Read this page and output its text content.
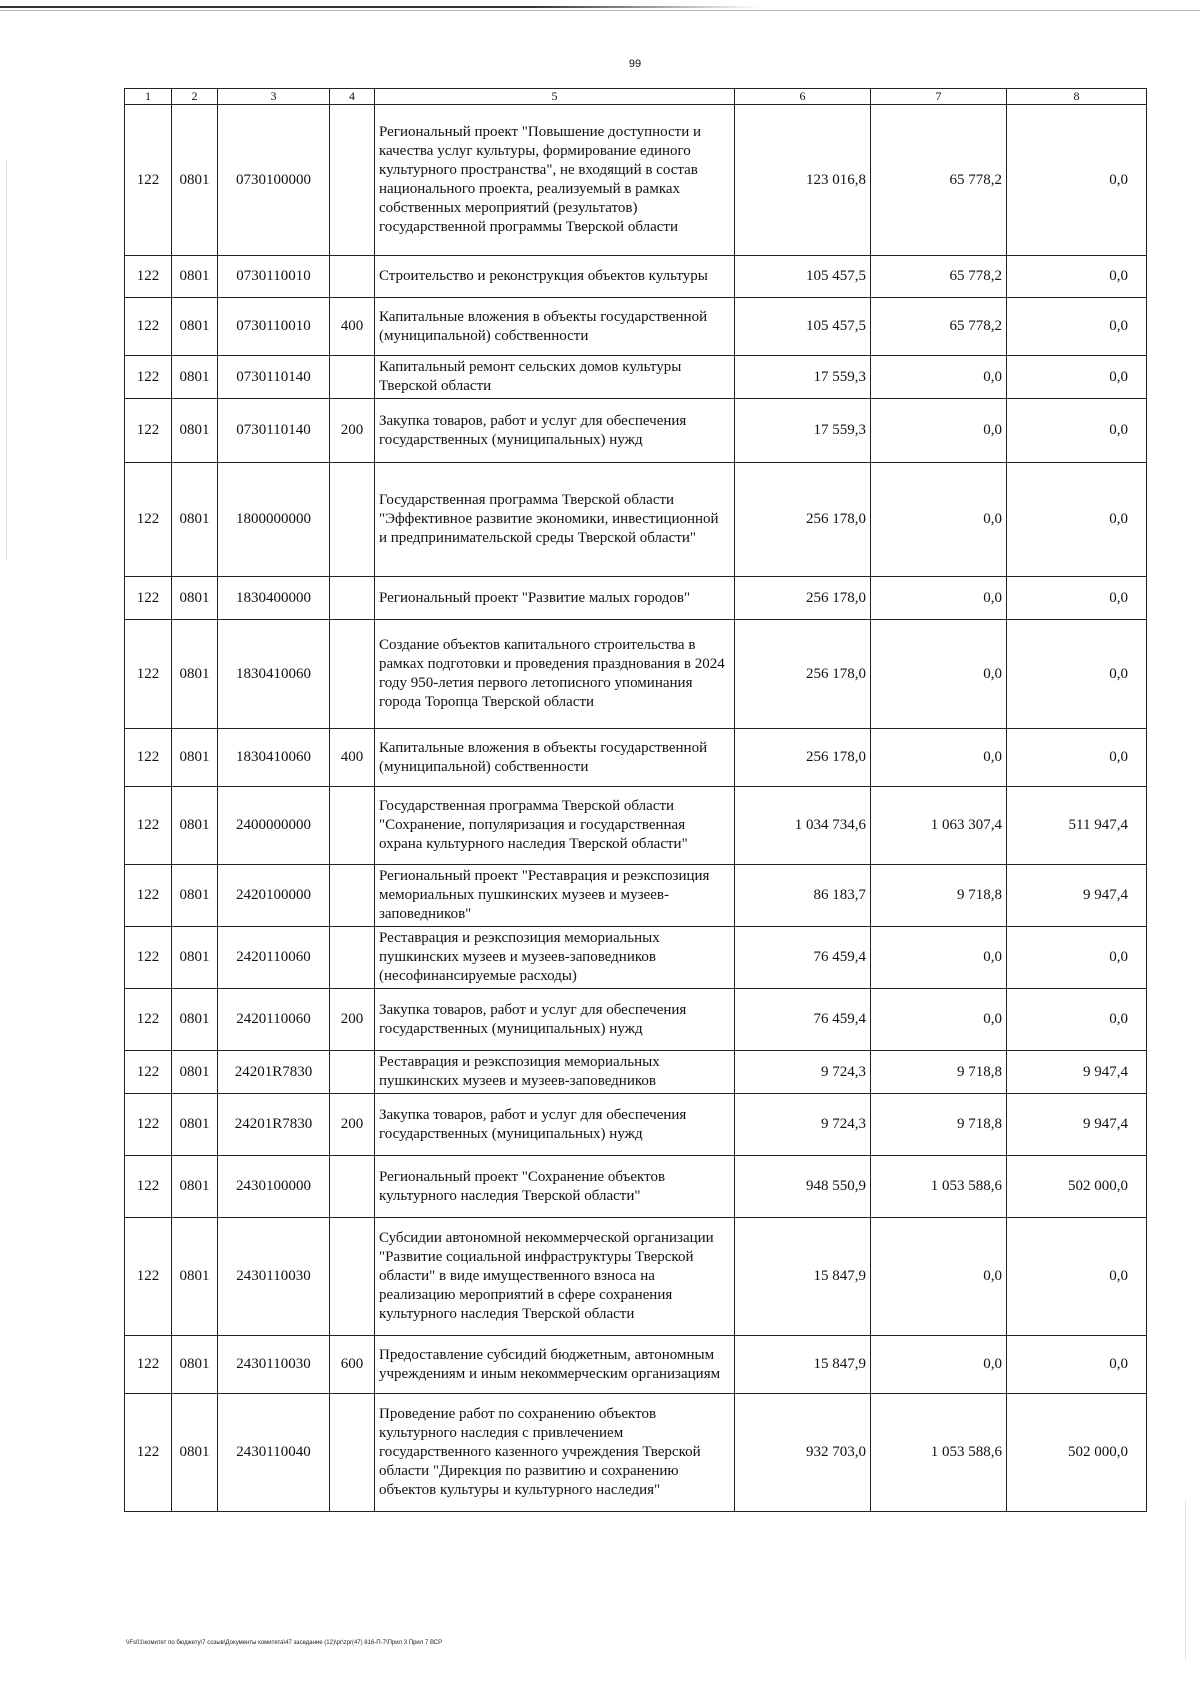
99
1	2	3	4	5	6	7	8
122	0801	0730100000		Региональный проект "Повышение доступности и качества услуг культуры, формирование единого культурного пространства", не входящий в состав национального проекта, реализуемый в рамках собственных мероприятий (результатов) государственной программы Тверской области	123 016,8	65 778,2	0,0
122	0801	0730110010		Строительство и реконструкция объектов культуры	105 457,5	65 778,2	0,0
122	0801	0730110010	400	Капитальные вложения в объекты государственной (муниципальной) собственности	105 457,5	65 778,2	0,0
122	0801	0730110140		Капитальный ремонт сельских домов культуры Тверской области	17 559,3	0,0	0,0
122	0801	0730110140	200	Закупка товаров, работ и услуг для обеспечения государственных (муниципальных) нужд	17 559,3	0,0	0,0
122	0801	1800000000		Государственная программа Тверской области "Эффективное развитие экономики, инвестиционной и предпринимательской среды Тверской области"	256 178,0	0,0	0,0
122	0801	1830400000		Региональный проект "Развитие малых городов"	256 178,0	0,0	0,0
122	0801	1830410060		Создание объектов капитального строительства в рамках подготовки и проведения празднования в 2024 году 950-летия первого летописного упоминания города Торопца Тверской области	256 178,0	0,0	0,0
122	0801	1830410060	400	Капитальные вложения в объекты государственной (муниципальной) собственности	256 178,0	0,0	0,0
122	0801	2400000000		Государственная программа Тверской области "Сохранение, популяризация и государственная охрана культурного наследия Тверской области"	1 034 734,6	1 063 307,4	511 947,4
122	0801	2420100000		Региональный проект "Реставрация и реэкспозиция мемориальных пушкинских музеев и музеев-заповедников"	86 183,7	9 718,8	9 947,4
122	0801	2420110060		Реставрация и реэкспозиция мемориальных пушкинских музеев и музеев-заповедников (несофинансируемые расходы)	76 459,4	0,0	0,0
122	0801	2420110060	200	Закупка товаров, работ и услуг для обеспечения государственных (муниципальных) нужд	76 459,4	0,0	0,0
122	0801	24201R7830		Реставрация и реэкспозиция мемориальных пушкинских музеев и музеев-заповедников	9 724,3	9 718,8	9 947,4
122	0801	24201R7830	200	Закупка товаров, работ и услуг для обеспечения государственных (муниципальных) нужд	9 724,3	9 718,8	9 947,4
122	0801	2430100000		Региональный проект "Сохранение объектов культурного наследия Тверской области"	948 550,9	1 053 588,6	502 000,0
122	0801	2430110030		Субсидии автономной некоммерческой организации "Развитие социальной инфраструктуры Тверской области" в виде имущественного взноса на реализацию мероприятий в сфере сохранения культурного наследия Тверской области	15 847,9	0,0	0,0
122	0801	2430110030	600	Предоставление субсидий бюджетным, автономным учреждениям и иным некоммерческим организациям	15 847,9	0,0	0,0
122	0801	2430110040		Проведение работ по сохранению объектов культурного наследия с привлечением государственного казенного учреждения Тверской области "Дирекция по развитию и сохранению объектов культуры и культурного наследия"	932 703,0	1 053 588,6	502 000,0
\\Fs01\комитет по бюджету\7 созыв\Документы комитета\47 заседание (12)\pr\zpr(47) 816-П-7\Прил 3 Прил 7 ВСР
